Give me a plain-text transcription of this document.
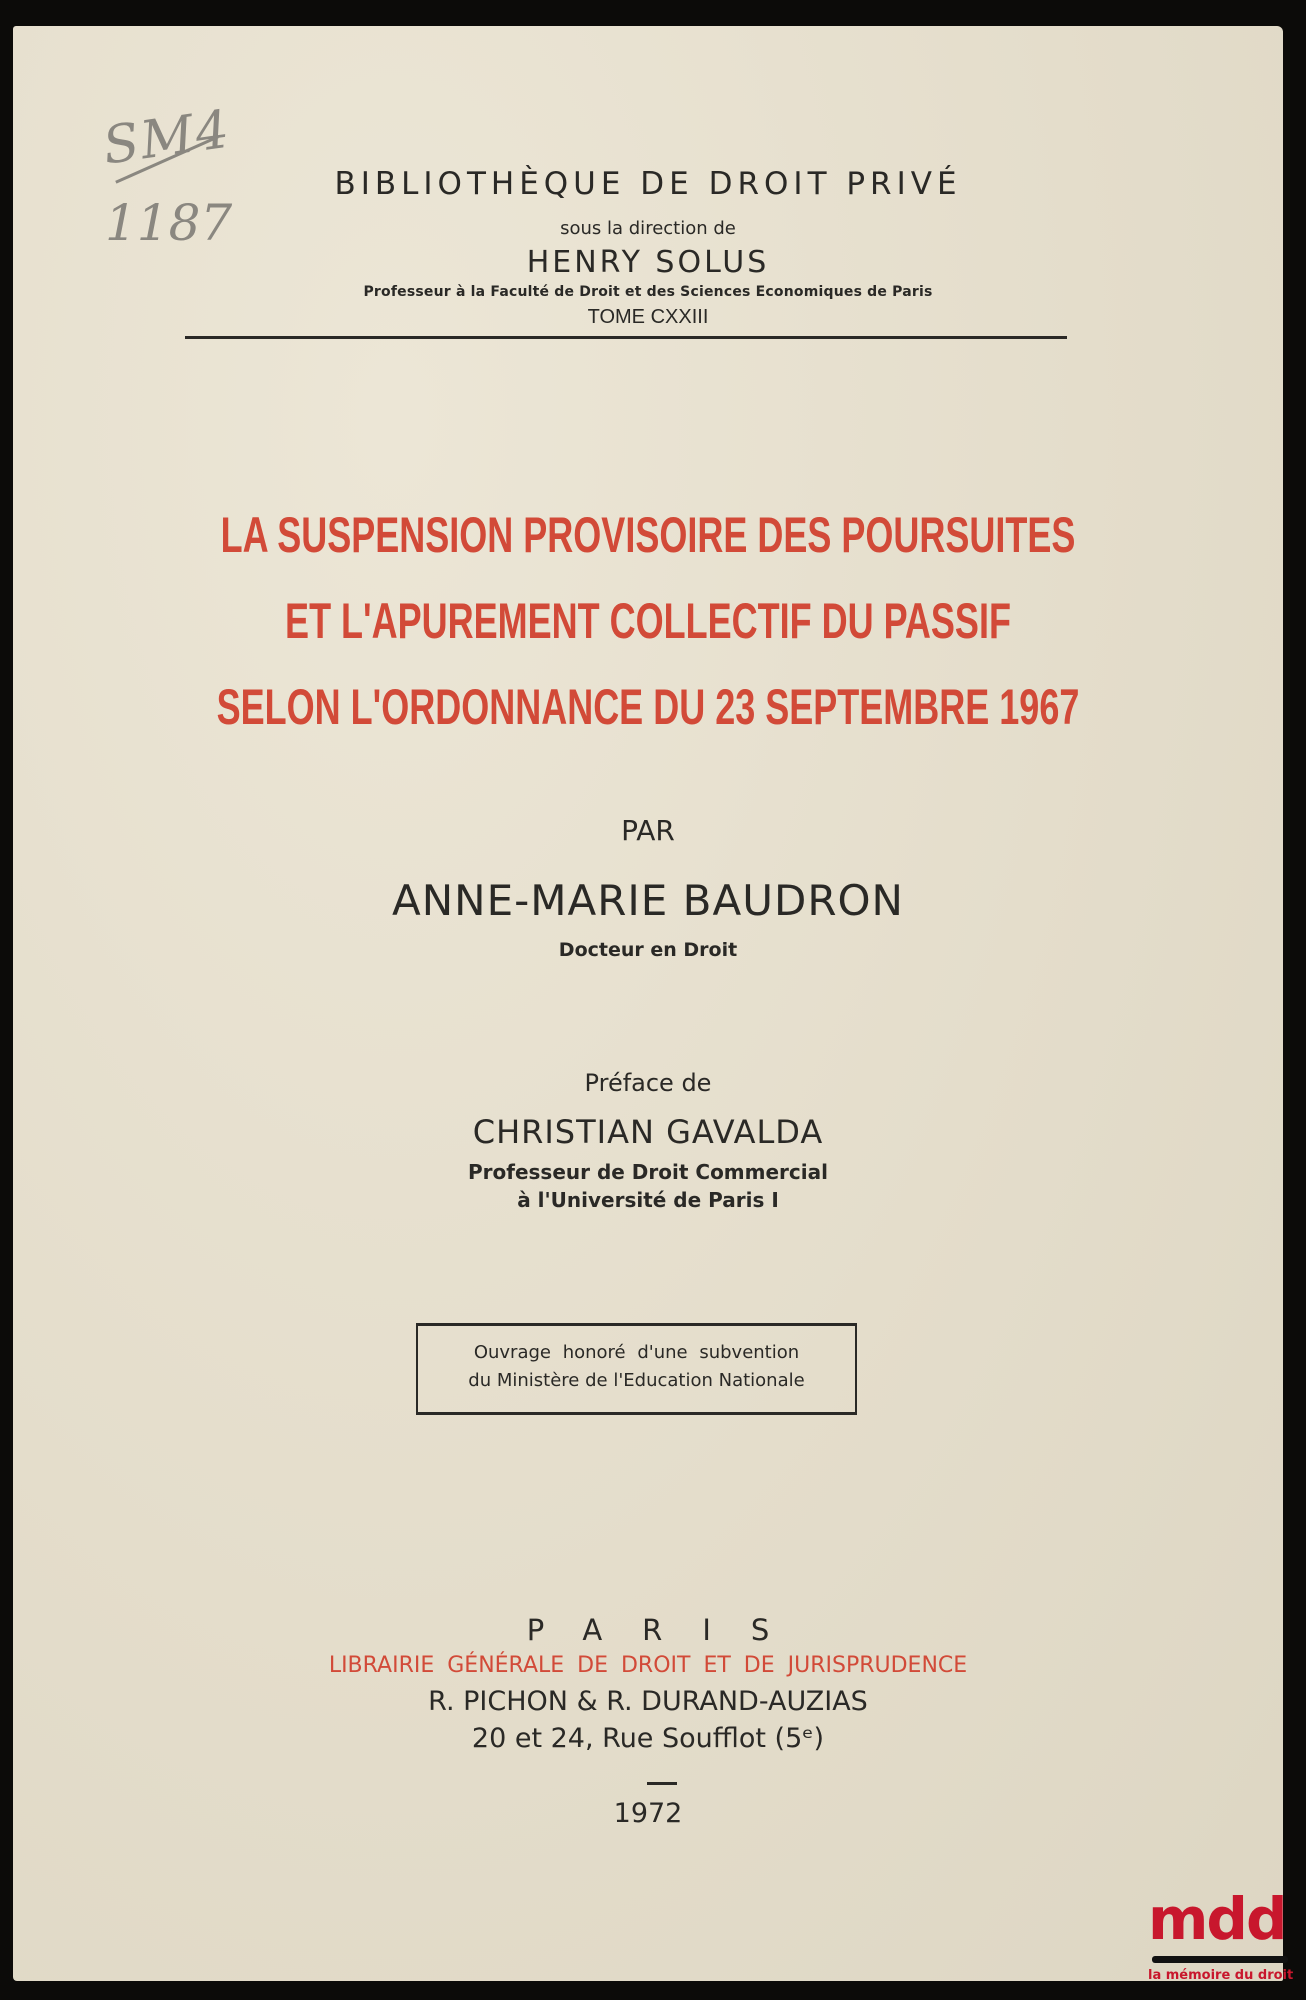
SM4
1187
BIBLIOTHÈQUE DE DROIT PRIVÉ
sous la direction de
HENRY SOLUS
Professeur à la Faculté de Droit et des Sciences Economiques de Paris
TOME CXXIII
LA SUSPENSION PROVISOIRE DES POURSUITES
ET L'APUREMENT COLLECTIF DU PASSIF
SELON L'ORDONNANCE DU 23 SEPTEMBRE 1967
PAR
ANNE-MARIE BAUDRON
Docteur en Droit
Préface de
CHRISTIAN GAVALDA
Professeur de Droit Commercial
à l'Université de Paris I
Ouvrage honoré d'une subvention
du Ministère de l'Education Nationale
PARIS
LIBRAIRIE GÉNÉRALE DE DROIT ET DE JURISPRUDENCE
R. PICHON & R. DURAND-AUZIAS
20 et 24, Rue Soufflot (5ᵉ)
1972
mdd
la mémoire du droit
